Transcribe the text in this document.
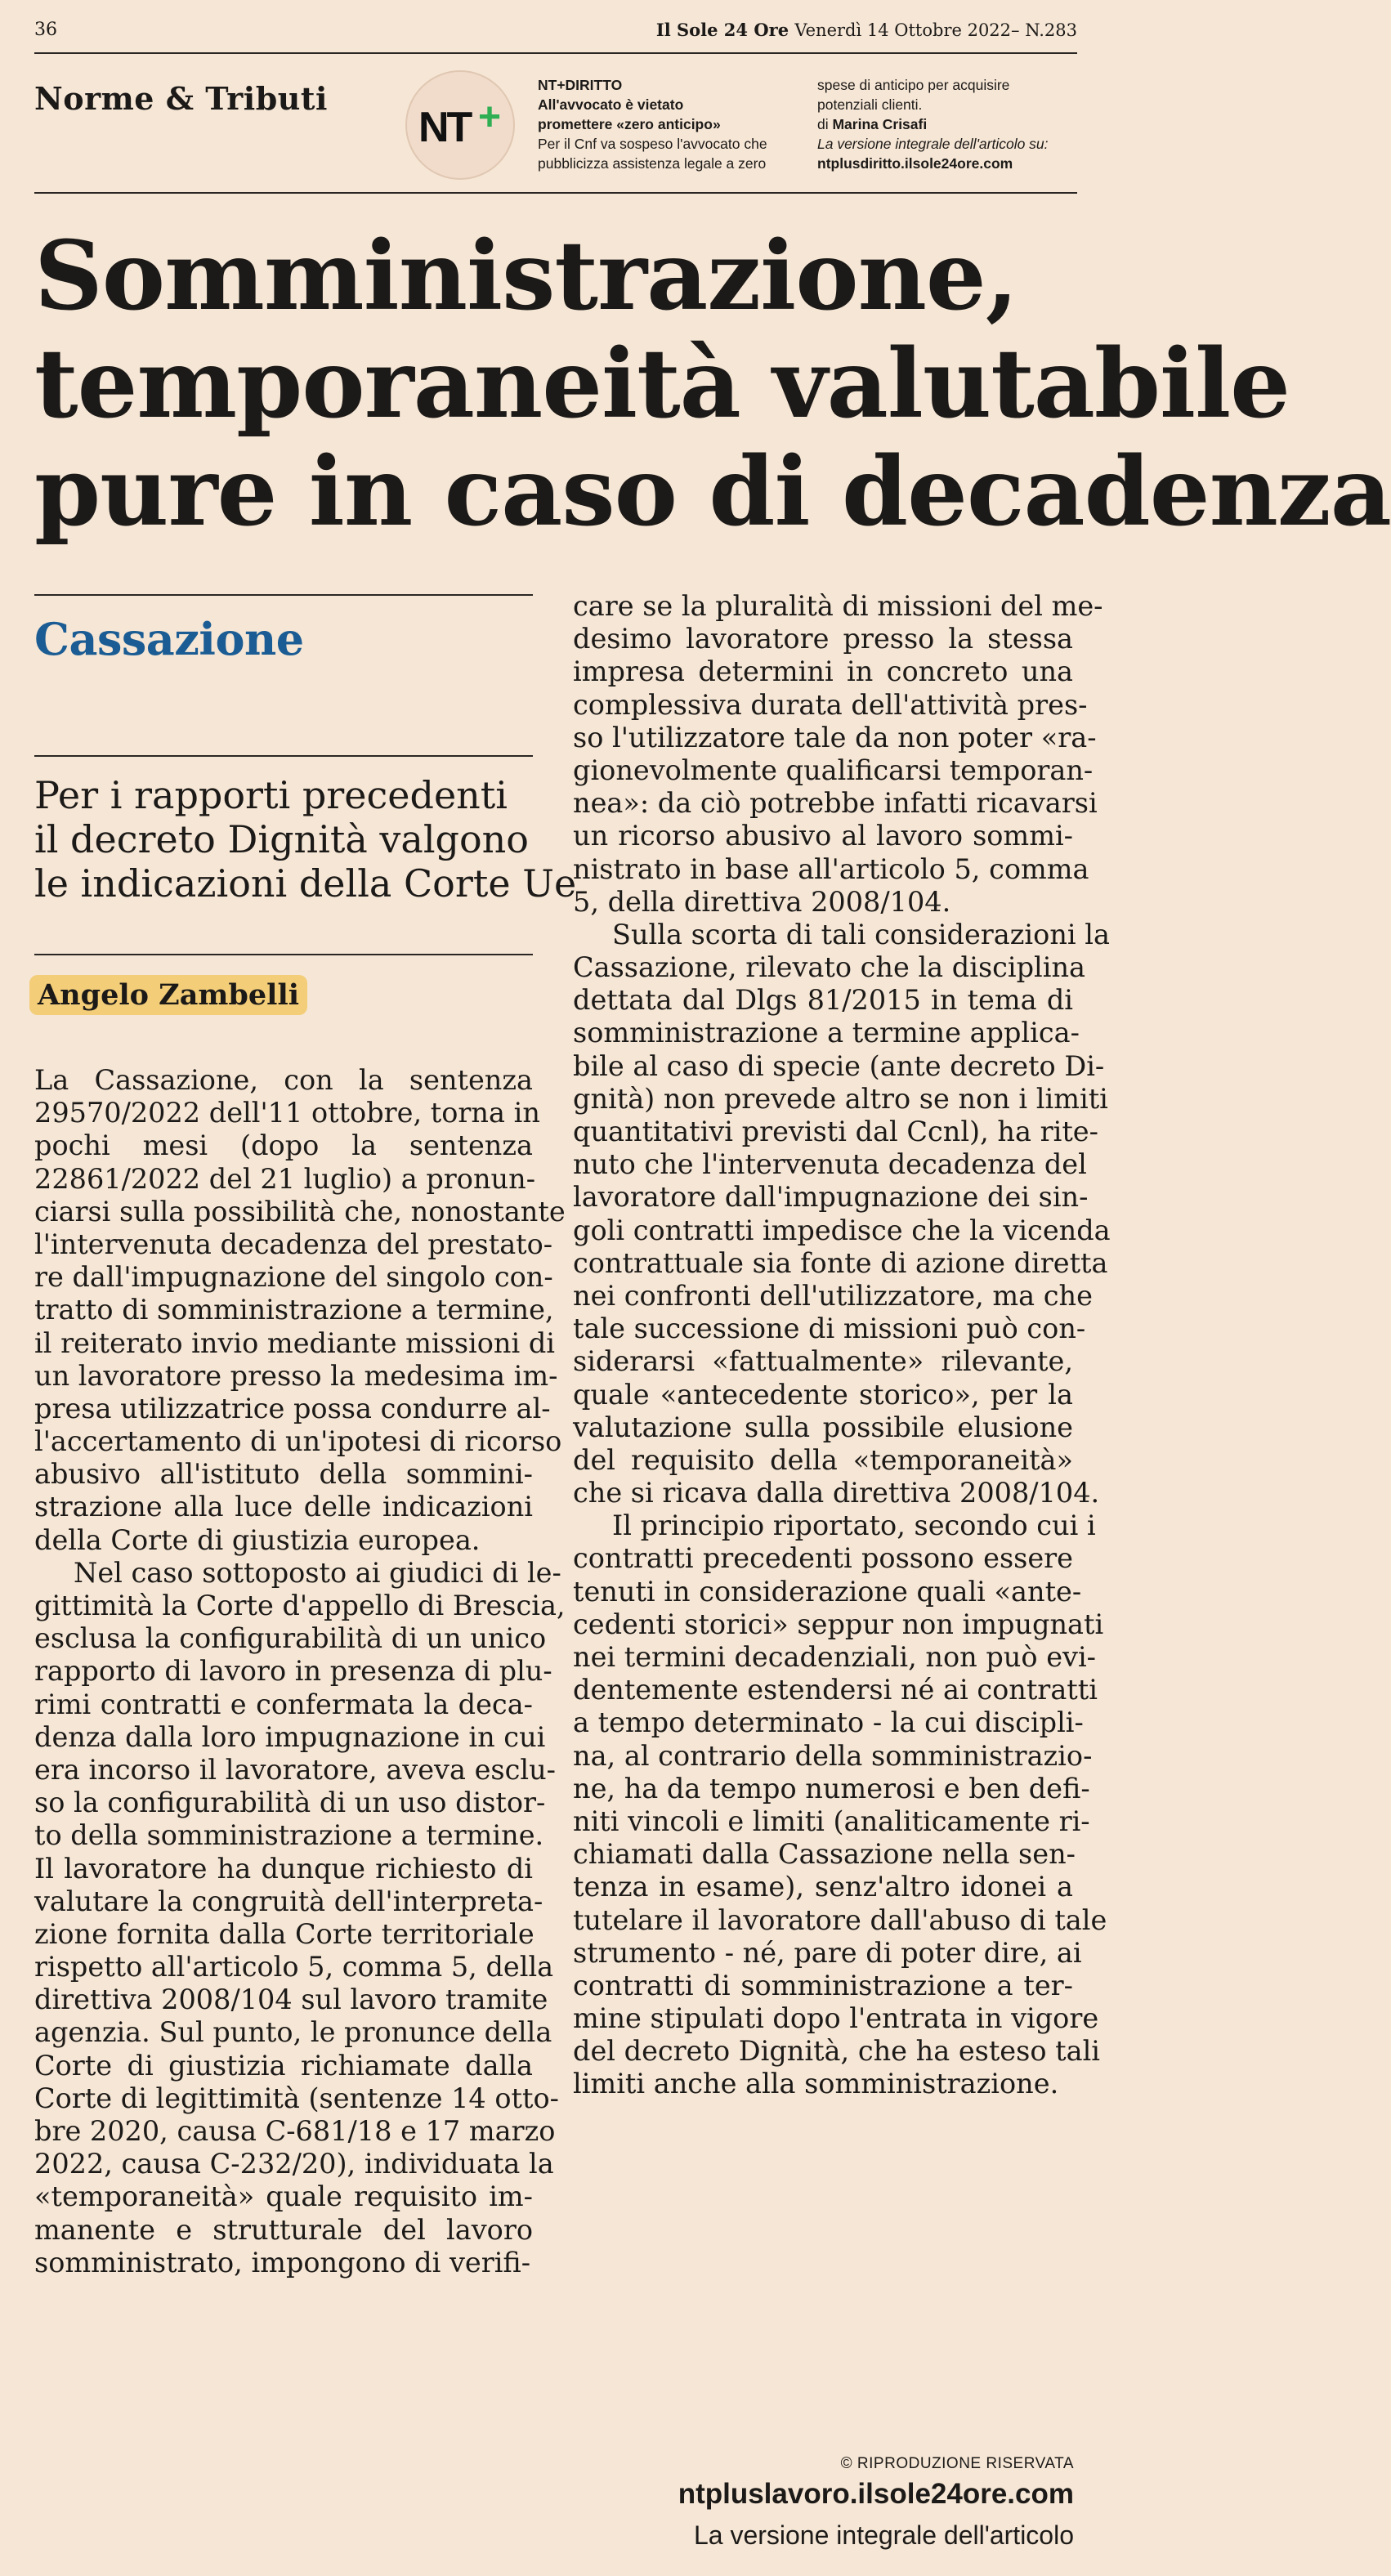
36	Il Sole 24 Ore Venerdì 14 Ottobre 2022– N.283
Norme & Tributi
NT +
NT+DIRITTO
All'avvocato è vietato
promettere «zero anticipo»
Per il Cnf va sospeso l'avvocato che
pubblicizza assistenza legale a zero
spese di anticipo per acquisire
potenziali clienti.
di Marina Crisafi
La versione integrale dell'articolo su:
ntplusdiritto.ilsole24ore.com
Somministrazione,
temporaneità valutabile
pure in caso di decadenza
Cassazione
Per i rapporti precedenti
il decreto Dignità valgono
le indicazioni della Corte Ue
Angelo Zambelli
La Cassazione, con la sentenza
29570/2022 dell'11 ottobre, torna in
pochi mesi (dopo la sentenza
22861/2022 del 21 luglio) a pronun-
ciarsi sulla possibilità che, nonostante
l'intervenuta decadenza del prestato-
re dall'impugnazione del singolo con-
tratto di somministrazione a termine,
il reiterato invio mediante missioni di
un lavoratore presso la medesima im-
presa utilizzatrice possa condurre al-
l'accertamento di un'ipotesi di ricorso
abusivo all'istituto della sommini-
strazione alla luce delle indicazioni
della Corte di giustizia europea.
Nel caso sottoposto ai giudici di le-
gittimità la Corte d'appello di Brescia,
esclusa la configurabilità di un unico
rapporto di lavoro in presenza di plu-
rimi contratti e confermata la deca-
denza dalla loro impugnazione in cui
era incorso il lavoratore, aveva esclu-
so la configurabilità di un uso distor-
to della somministrazione a termine.
Il lavoratore ha dunque richiesto di
valutare la congruità dell'interpreta-
zione fornita dalla Corte territoriale
rispetto all'articolo 5, comma 5, della
direttiva 2008/104 sul lavoro tramite
agenzia. Sul punto, le pronunce della
Corte di giustizia richiamate dalla
Corte di legittimità (sentenze 14 otto-
bre 2020, causa C-681/18 e 17 marzo
2022, causa C-232/20), individuata la
«temporaneità» quale requisito im-
manente e strutturale del lavoro
somministrato, impongono di verifi-
care se la pluralità di missioni del me-
desimo lavoratore presso la stessa
impresa determini in concreto una
complessiva durata dell'attività pres-
so l'utilizzatore tale da non poter «ra-
gionevolmente qualificarsi temporan-
nea»: da ciò potrebbe infatti ricavarsi
un ricorso abusivo al lavoro sommi-
nistrato in base all'articolo 5, comma
5, della direttiva 2008/104.
Sulla scorta di tali considerazioni la
Cassazione, rilevato che la disciplina
dettata dal Dlgs 81/2015 in tema di
somministrazione a termine applica-
bile al caso di specie (ante decreto Di-
gnità) non prevede altro se non i limiti
quantitativi previsti dal Ccnl), ha rite-
nuto che l'intervenuta decadenza del
lavoratore dall'impugnazione dei sin-
goli contratti impedisce che la vicenda
contrattuale sia fonte di azione diretta
nei confronti dell'utilizzatore, ma che
tale successione di missioni può con-
siderarsi «fattualmente» rilevante,
quale «antecedente storico», per la
valutazione sulla possibile elusione
del requisito della «temporaneità»
che si ricava dalla direttiva 2008/104.
Il principio riportato, secondo cui i
contratti precedenti possono essere
tenuti in considerazione quali «ante-
cedenti storici» seppur non impugnati
nei termini decadenziali, non può evi-
dentemente estendersi né ai contratti
a tempo determinato - la cui discipli-
na, al contrario della somministrazio-
ne, ha da tempo numerosi e ben defi-
niti vincoli e limiti (analiticamente ri-
chiamati dalla Cassazione nella sen-
tenza in esame), senz'altro idonei a
tutelare il lavoratore dall'abuso di tale
strumento - né, pare di poter dire, ai
contratti di somministrazione a ter-
mine stipulati dopo l'entrata in vigore
del decreto Dignità, che ha esteso tali
limiti anche alla somministrazione.
© RIPRODUZIONE RISERVATA
ntpluslavoro.ilsole24ore.com
La versione integrale dell'articolo
